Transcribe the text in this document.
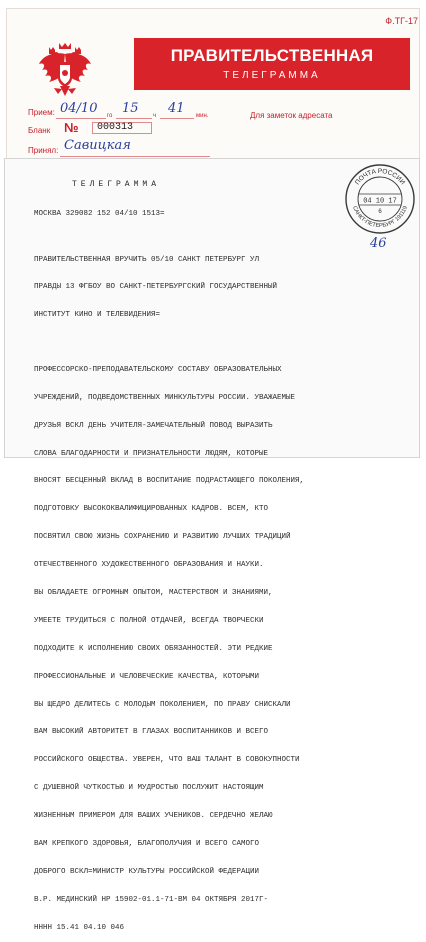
Ф.ТГ-17
ПРАВИТЕЛЬСТВЕННАЯ
ТЕЛЕГРАММА
Прием: 04/10 го 15 ч 41 мин.	Для заметок адресата
Бланк №	000313
Принял: Савицкая
ТЕЛЕГРАММА
МОСКВА 329082 152 04/10 1513=

ПРАВИТЕЛЬСТВЕННАЯ ВРУЧИТЬ 05/10 САНКТ ПЕТЕРБУРГ УЛ

ПРАВДЫ 13 ФГБОУ ВО САНКТ-ПЕТЕРБУРГСКИЙ ГОСУДАРСТВЕННЫЙ

ИНСТИТУТ КИНО И ТЕЛЕВИДЕНИЯ=

ПРОФЕССОРСКО-ПРЕПОДАВАТЕЛЬСКОМУ СОСТАВУ ОБРАЗОВАТЕЛЬНЫХ

УЧРЕЖДЕНИЙ, ПОДВЕДОМСТВЕННЫХ МИНКУЛЬТУРЫ РОССИИ. УВАЖАЕМЫЕ

ДРУЗЬЯ ВСКЛ ДЕНЬ УЧИТЕЛЯ-ЗАМЕЧАТЕЛЬНЫЙ ПОВОД ВЫРАЗИТЬ

СЛОВА БЛАГОДАРНОСТИ И ПРИЗНАТЕЛЬНОСТИ ЛЮДЯМ, КОТОРЫЕ

ВНОСЯТ БЕСЦЕННЫЙ ВКЛАД В ВОСПИТАНИЕ ПОДРАСТАЮЩЕГО ПОКОЛЕНИЯ,

ПОДГОТОВКУ ВЫСОКОКВАЛИФИЦИРОВАННЫХ КАДРОВ. ВСЕМ, КТО

ПОСВЯТИЛ СВОЮ ЖИЗНЬ СОХРАНЕНИЮ И РАЗВИТИЮ ЛУЧШИХ ТРАДИЦИЙ

ОТЕЧЕСТВЕННОГО ХУДОЖЕСТВЕННОГО ОБРАЗОВАНИЯ И НАУКИ.

ВЫ ОБЛАДАЕТЕ ОГРОМНЫМ ОПЫТОМ, МАСТЕРСТВОМ И ЗНАНИЯМИ,

УМЕЕТЕ ТРУДИТЬСЯ С ПОЛНОЙ ОТДАЧЕЙ, ВСЕГДА ТВОРЧЕСКИ

ПОДХОДИТЕ К ИСПОЛНЕНИЮ СВОИХ ОБЯЗАННОСТЕЙ. ЭТИ РЕДКИЕ

ПРОФЕССИОНАЛЬНЫЕ И ЧЕЛОВЕЧЕСКИЕ КАЧЕСТВА, КОТОРЫМИ

ВЫ ЩЕДРО ДЕЛИТЕСЬ С МОЛОДЫМ ПОКОЛЕНИЕМ, ПО ПРАВУ СНИСКАЛИ

ВАМ ВЫСОКИЙ АВТОРИТЕТ В ГЛАЗАХ ВОСПИТАННИКОВ И ВСЕГО

РОССИЙСКОГО ОБЩЕСТВА. УВЕРЕН, ЧТО ВАШ ТАЛАНТ В СОВОКУПНОСТИ

С ДУШЕВНОЙ ЧУТКОСТЬЮ И МУДРОСТЬЮ ПОСЛУЖИТ НАСТОЯЩИМ

ЖИЗНЕННЫМ ПРИМЕРОМ ДЛЯ ВАШИХ УЧЕНИКОВ. СЕРДЕЧНО ЖЕЛАЮ

ВАМ КРЕПКОГО ЗДОРОВЬЯ, БЛАГОПОЛУЧИЯ И ВСЕГО САМОГО

ДОБРОГО ВСКЛ=МИНИСТР КУЛЬТУРЫ РОССИЙСКОЙ ФЕДЕРАЦИИ

В.Р. МЕДИНСКИЙ НР 15902-01.1-71-ВМ 04 ОКТЯБРЯ 2017Г-

НННН 15.41 04.10 046

ПОЧТА РОССИИ
САНКТ-ПЕТЕРБУРГ 191119
04 10 17
6
46
